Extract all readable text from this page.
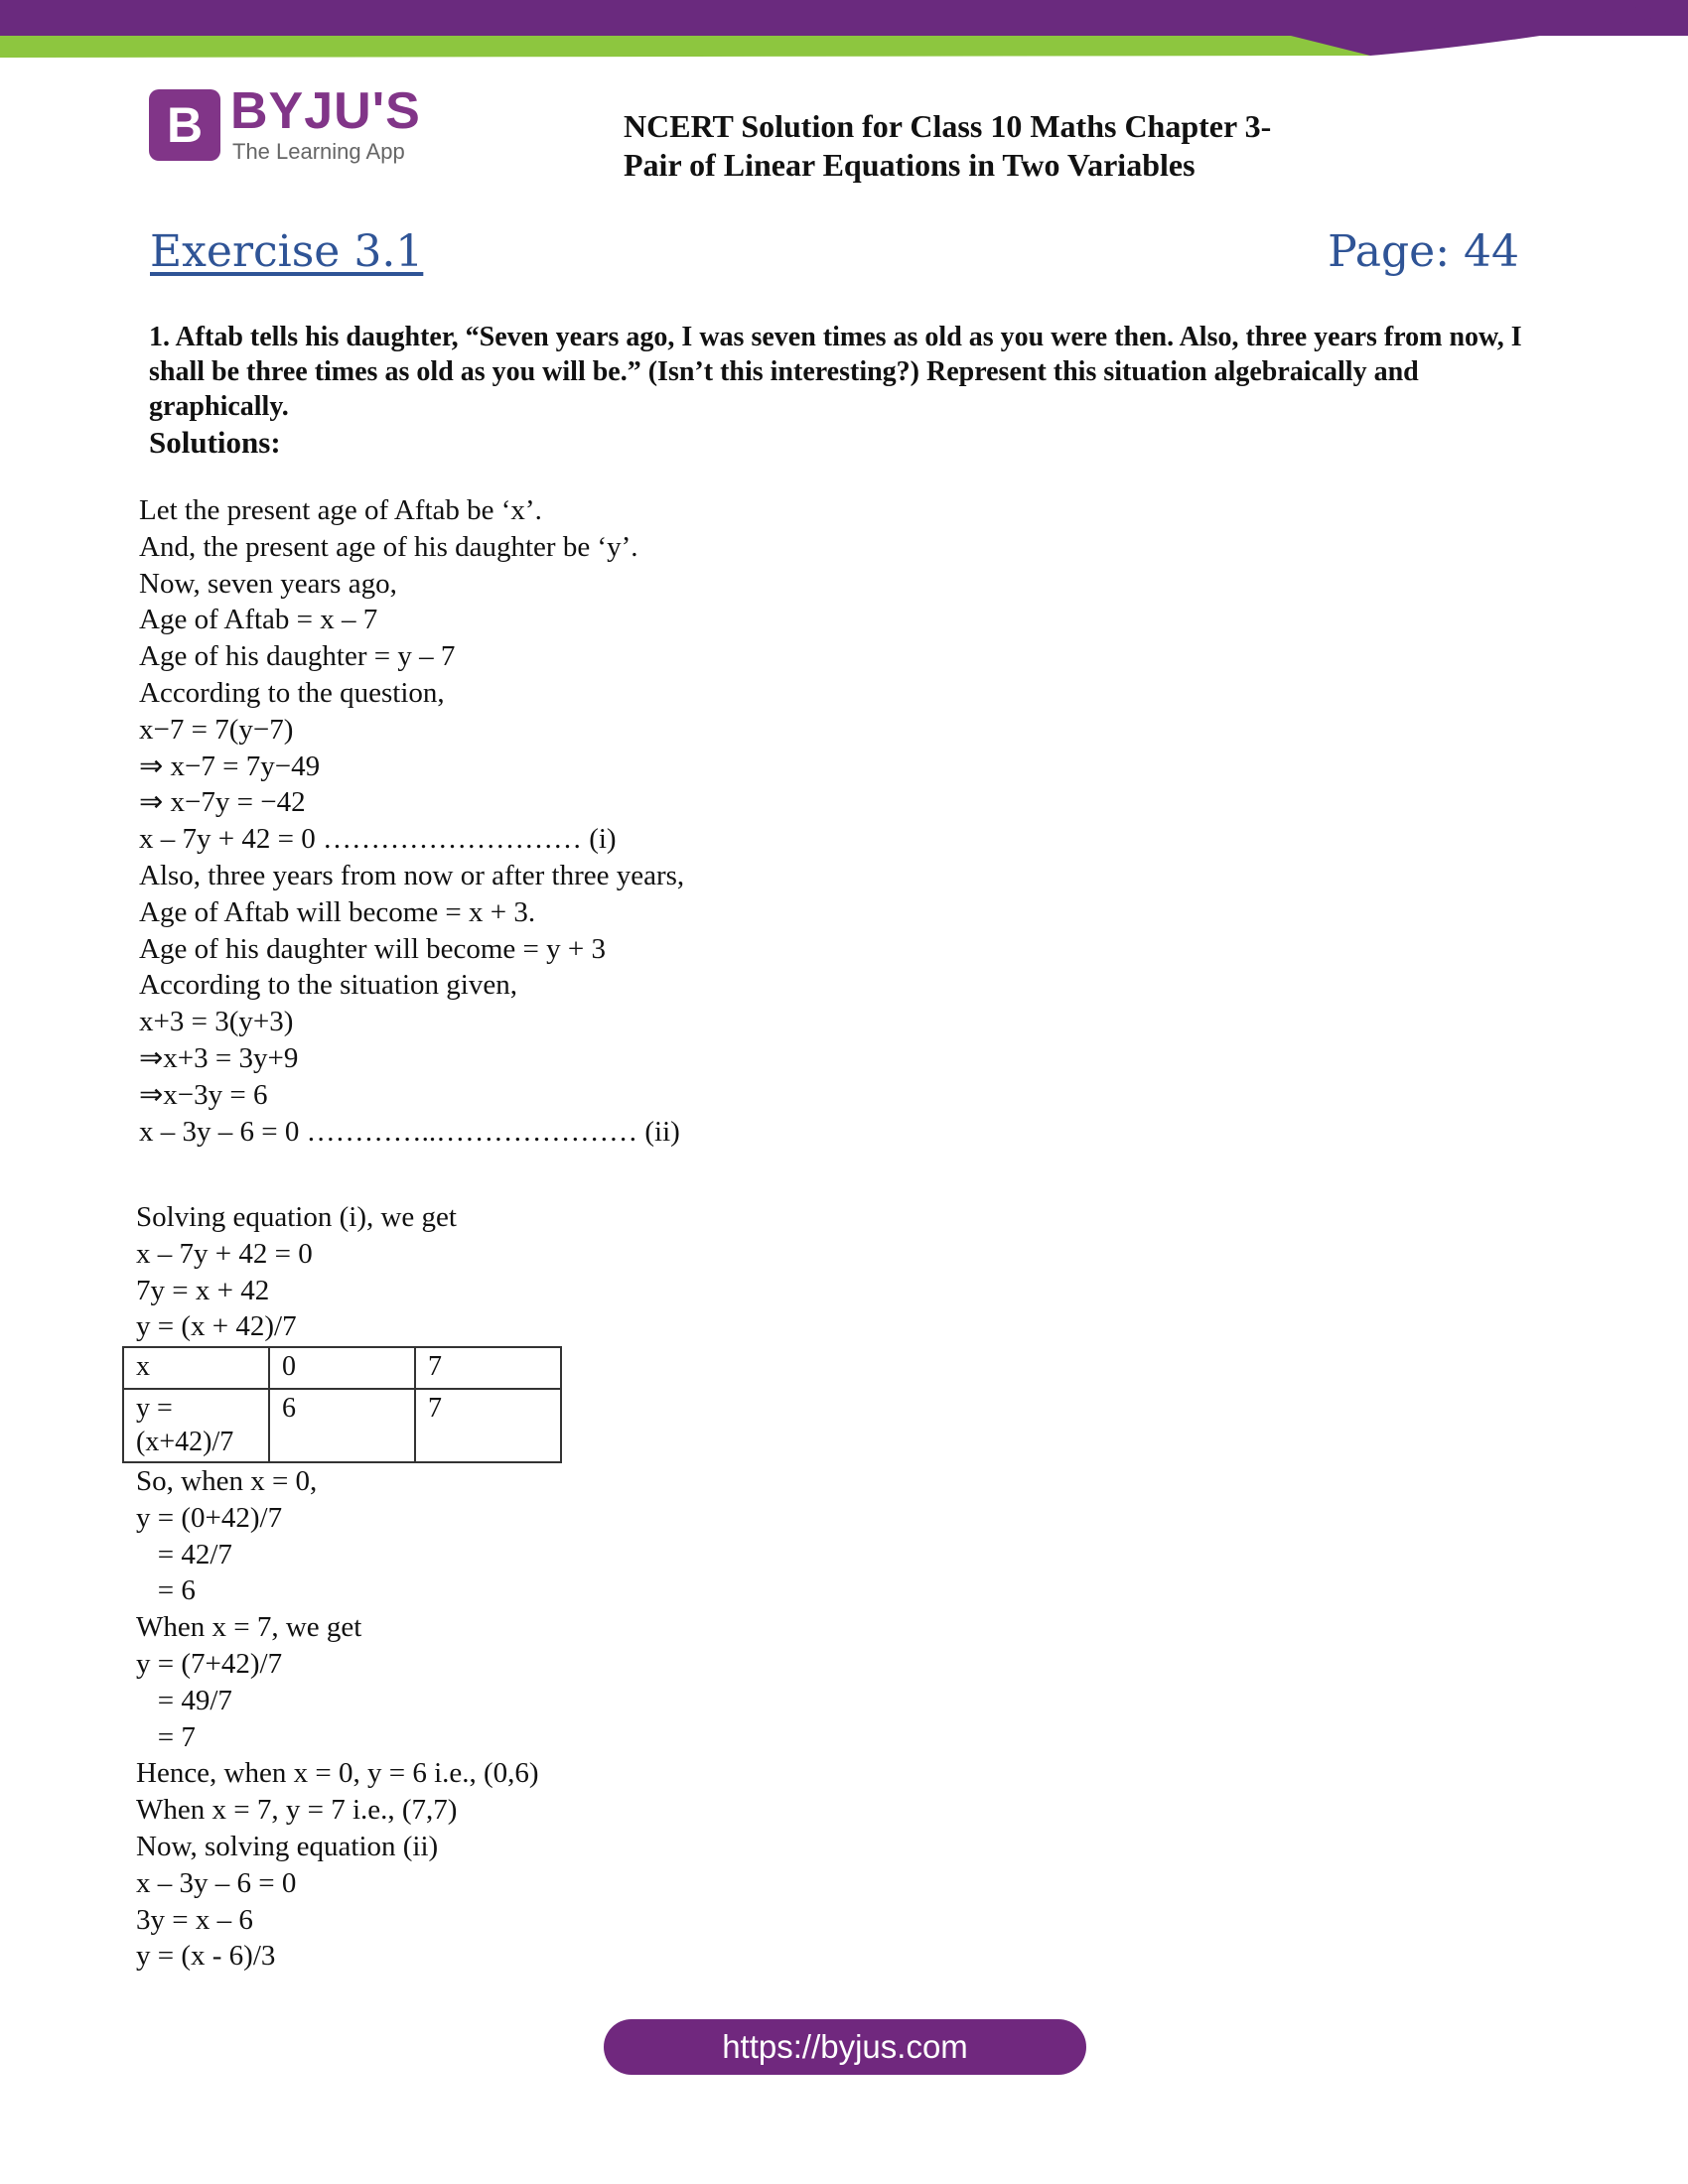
B BYJU'S
The Learning App
NCERT Solution for Class 10 Maths Chapter 3-
Pair of Linear Equations in Two Variables
Exercise 3.1	Page: 44
1. Aftab tells his daughter, “Seven years ago, I was seven times as old as you were then. Also, three years from now, I shall be three times as old as you will be.” (Isn’t this interesting?) Represent this situation algebraically and graphically.
Solutions:
Let the present age of Aftab be ‘x’.
And, the present age of his daughter be ‘y’.
Now, seven years ago,
Age of Aftab = x – 7
Age of his daughter = y – 7
According to the question,
x−7 = 7(y−7)
⇒ x−7 = 7y−49
⇒ x−7y = −42
x – 7y + 42 = 0 ……………………… (i)
Also, three years from now or after three years,
Age of Aftab will become = x + 3.
Age of his daughter will become = y + 3
According to the situation given,
x+3 = 3(y+3)
⇒x+3 = 3y+9
⇒x−3y = 6
x – 3y – 6 = 0 …………..………………… (ii)
Solving equation (i), we get
x – 7y + 42 = 0
7y = x + 42
y = (x + 42)/7
x	0	7
y = (x+42)/7	6	7
So, when x = 0,
y = (0+42)/7
= 42/7
= 6
When x = 7, we get
y = (7+42)/7
= 49/7
= 7
Hence, when x = 0, y = 6 i.e., (0,6)
When x = 7, y = 7 i.e., (7,7)
Now, solving equation (ii)
x – 3y – 6 = 0
3y = x – 6
y = (x - 6)/3
https://byjus.com
